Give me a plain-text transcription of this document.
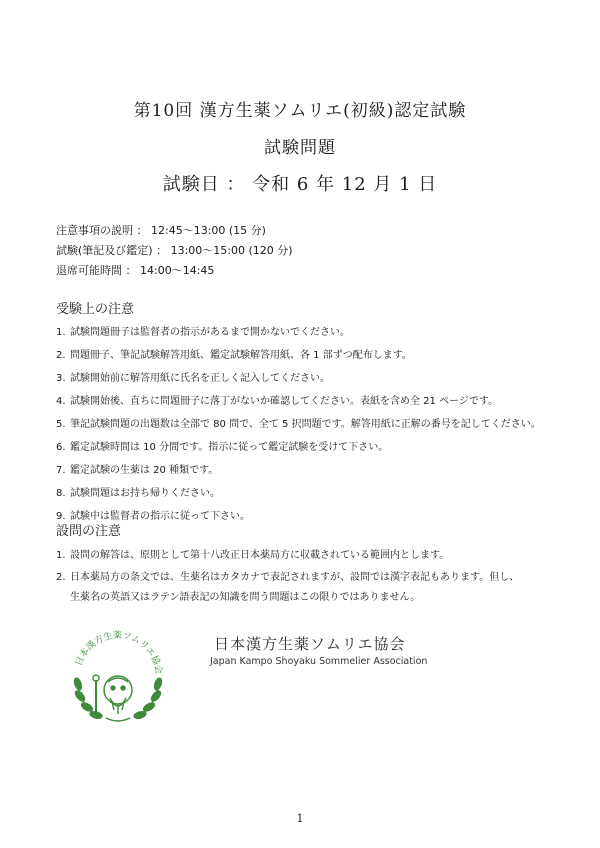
第10回 漢方生薬ソムリエ(初級)認定試験
試験問題
試験日 ： 令和 6 年 12 月 1 日
注意事項の説明 ： 12:45～13:00 (15 分)
試験(筆記及び鑑定) ： 13:00～15:00 (120 分)
退席可能時間 ： 14:00～14:45
受験上の注意
1. 試験問題冊子は監督者の指示があるまで開かないでください。
2. 問題冊子、筆記試験解答用紙、鑑定試験解答用紙、各 1 部ずつ配布します。
3. 試験開始前に解答用紙に氏名を正しく記入してください。
4. 試験開始後、直ちに問題冊子に落丁がないか確認してください。表紙を含め全 21 ページです。
5. 筆記試験問題の出題数は全部で 80 問で、全て 5 択問題です。解答用紙に正解の番号を記してください。
6. 鑑定試験時間は 10 分間です。指示に従って鑑定試験を受けて下さい。
7. 鑑定試験の生薬は 20 種類です。
8. 試験問題はお持ち帰りください。
9. 試験中は監督者の指示に従って下さい。
設問の注意
1. 設問の解答は、原則として第十八改正日本薬局方に収載されている範囲内とします。
2. 日本薬局方の条文では、生薬名はカタカナで表記されますが、設問では漢字表記もあります。但し、
生薬名の英語又はラテン語表記の知識を問う問題はこの限りではありません。
日本漢方生薬ソムリエ協会
日本漢方生薬ソムリエ協会
Japan Kampo Shoyaku Sommelier Association
1
